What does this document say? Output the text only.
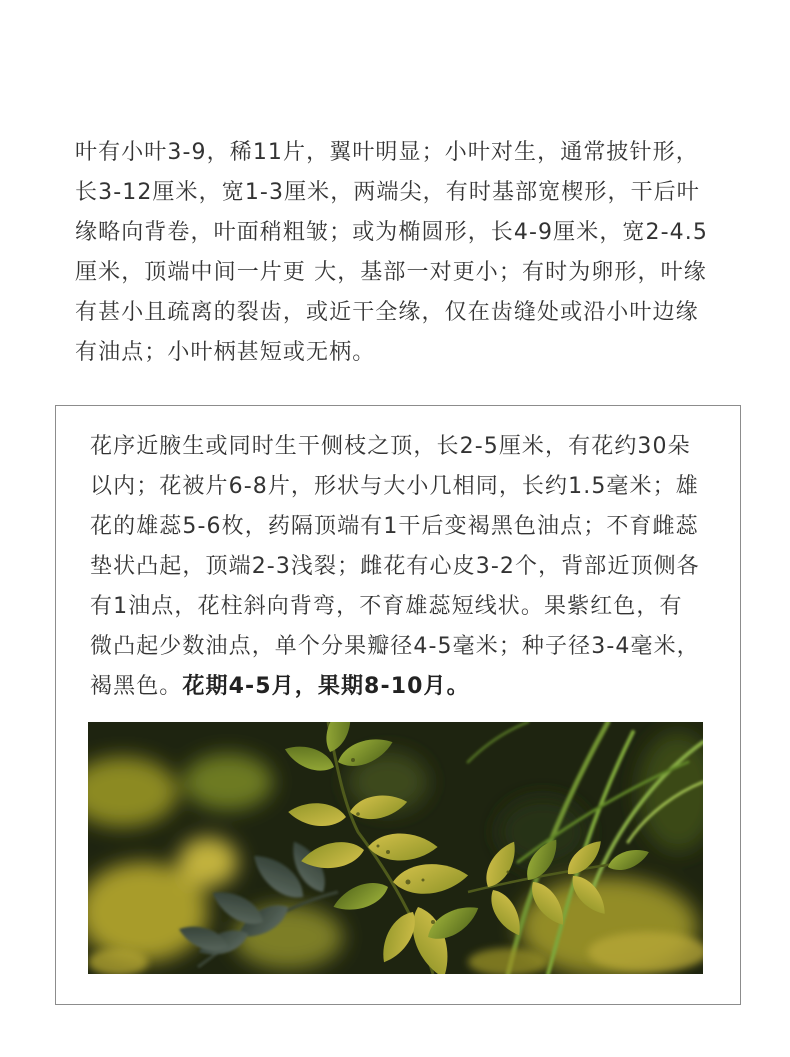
叶有小叶3-9，稀11片，翼叶明显；小叶对生，通常披针形，
长3-12厘米，宽1-3厘米，两端尖，有时基部宽楔形，干后叶
缘略向背卷，叶面稍粗皱；或为椭圆形，长4-9厘米，宽2-4.5
厘米，顶端中间一片更 大，基部一对更小；有时为卵形，叶缘
有甚小且疏离的裂齿，或近干全缘，仅在齿缝处或沿小叶边缘
有油点；小叶柄甚短或无柄。
花序近腋生或同时生干侧枝之顶，长2-5厘米，有花约30朵
以内；花被片6-8片，形状与大小几相同，长约1.5毫米；雄
花的雄蕊5-6枚，药隔顶端有1干后变褐黑色油点；不育雌蕊
垫状凸起，顶端2-3浅裂；雌花有心皮3-2个，背部近顶侧各
有1油点，花柱斜向背弯，不育雄蕊短线状。果紫红色，有
微凸起少数油点，单个分果瓣径4-5毫米；种子径3-4毫米，
褐黑色。花期4-5月，果期8-10月。
